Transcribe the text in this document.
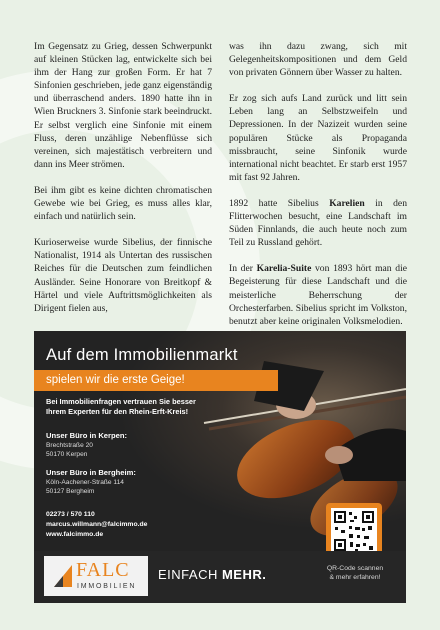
Im Gegensatz zu Grieg, dessen Schwerpunkt auf kleinen Stücken lag, entwickelte sich bei ihm der Hang zur großen Form. Er hat 7 Sinfonien geschrieben, jede ganz eigenständig und überraschend anders. 1890 hatte ihn in Wien Bruckners 3. Sinfonie stark beeindruckt. Er selbst verglich eine Sinfonie mit einem Fluss, deren unzählige Nebenflüsse sich vereinen, sich majestätisch verbreitern und dann ins Meer strömen.

Bei ihm gibt es keine dichten chromatischen Gewebe wie bei Grieg, es muss alles klar, einfach und natürlich sein.

Kurioserweise wurde Sibelius, der finnische Nationalist, 1914 als Untertan des russischen Reiches für die Deutschen zum feindlichen Ausländer. Seine Honorare von Breitkopf & Härtel und viele Auftrittsmöglichkeiten als Dirigent fielen aus,

was ihn dazu zwang, sich mit Gelegenheitskompositionen und dem Geld von privaten Gönnern über Wasser zu halten.

Er zog sich aufs Land zurück und litt sein Leben lang an Selbstzweifeln und Depressionen. In der Nazizeit wurden seine populären Stücke als Propaganda missbraucht, seine Sinfonik wurde international nicht beachtet. Er starb erst 1957 mit fast 92 Jahren.

1892 hatte Sibelius Karelien in den Flitterwochen besucht, eine Landschaft im Süden Finnlands, die auch heute noch zum Teil zu Russland gehört.

In der Karelia-Suite von 1893 hört man die Begeisterung für diese Landschaft und die meisterliche Beherrschung der Orchesterfarben. Sibelius spricht im Volkston, benutzt aber keine originalen Volksmelodien.

Auf dem Immobilienmarkt
spielen wir die erste Geige!
Bei Immobilienfragen vertrauen Sie besser
Ihrem Experten für den Rhein-Erft-Kreis!
Unser Büro in Kerpen:
Brechtstraße 20
50170 Kerpen
Unser Büro in Bergheim:
Köln-Aachener-Straße 114
50127 Bergheim
02273 / 570 110
marcus.willmann@falcimmo.de
www.falcimmo.de
FALC
IMMOBILIEN
EINFACH MEHR.	QR-Code scannen
& mehr erfahren!
